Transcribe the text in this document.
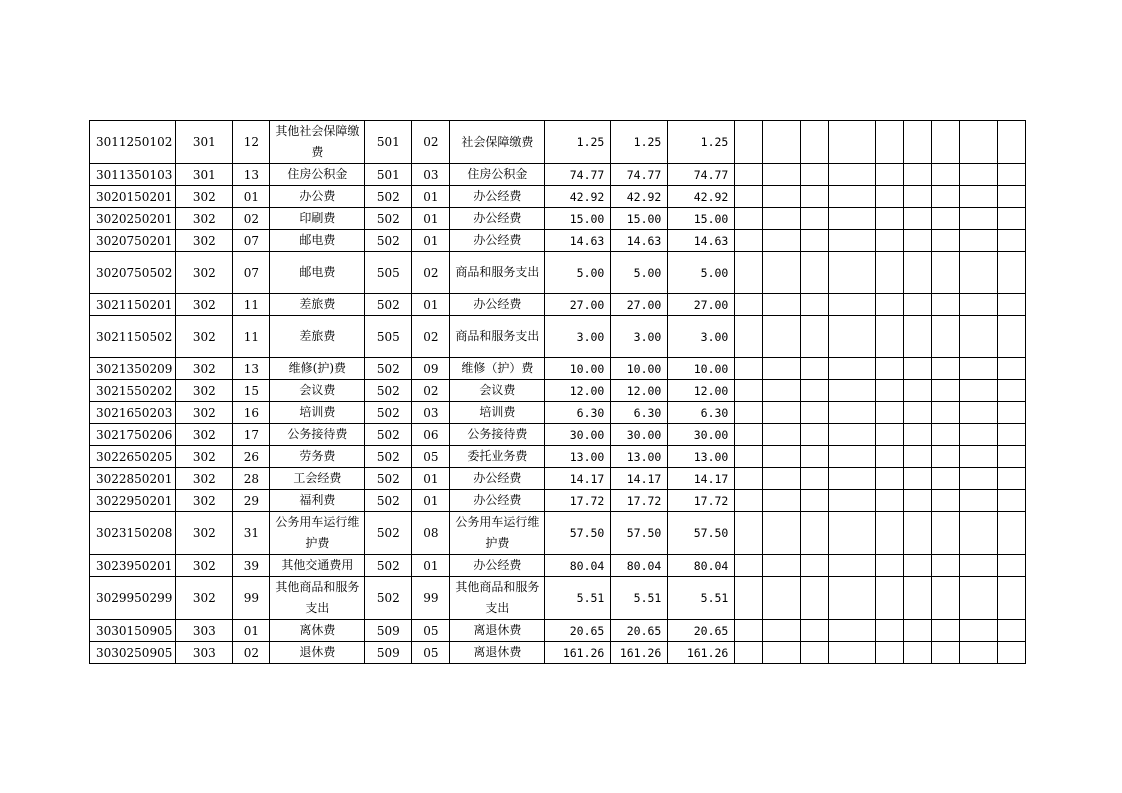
3011250102	301	12	其他社会保障缴费	501	02	社会保障缴费	1.25	1.25	1.25									
3011350103	301	13	住房公积金	501	03	住房公积金	74.77	74.77	74.77									
3020150201	302	01	办公费	502	01	办公经费	42.92	42.92	42.92									
3020250201	302	02	印刷费	502	01	办公经费	15.00	15.00	15.00									
3020750201	302	07	邮电费	502	01	办公经费	14.63	14.63	14.63									
3020750502	302	07	邮电费	505	02	商品和服务支出	5.00	5.00	5.00									
3021150201	302	11	差旅费	502	01	办公经费	27.00	27.00	27.00									
3021150502	302	11	差旅费	505	02	商品和服务支出	3.00	3.00	3.00									
3021350209	302	13	维修(护)费	502	09	维修（护）费	10.00	10.00	10.00									
3021550202	302	15	会议费	502	02	会议费	12.00	12.00	12.00									
3021650203	302	16	培训费	502	03	培训费	6.30	6.30	6.30									
3021750206	302	17	公务接待费	502	06	公务接待费	30.00	30.00	30.00									
3022650205	302	26	劳务费	502	05	委托业务费	13.00	13.00	13.00									
3022850201	302	28	工会经费	502	01	办公经费	14.17	14.17	14.17									
3022950201	302	29	福利费	502	01	办公经费	17.72	17.72	17.72									
3023150208	302	31	公务用车运行维护费	502	08	公务用车运行维护费	57.50	57.50	57.50									
3023950201	302	39	其他交通费用	502	01	办公经费	80.04	80.04	80.04									
3029950299	302	99	其他商品和服务支出	502	99	其他商品和服务支出	5.51	5.51	5.51									
3030150905	303	01	离休费	509	05	离退休费	20.65	20.65	20.65									
3030250905	303	02	退休费	509	05	离退休费	161.26	161.26	161.26									
